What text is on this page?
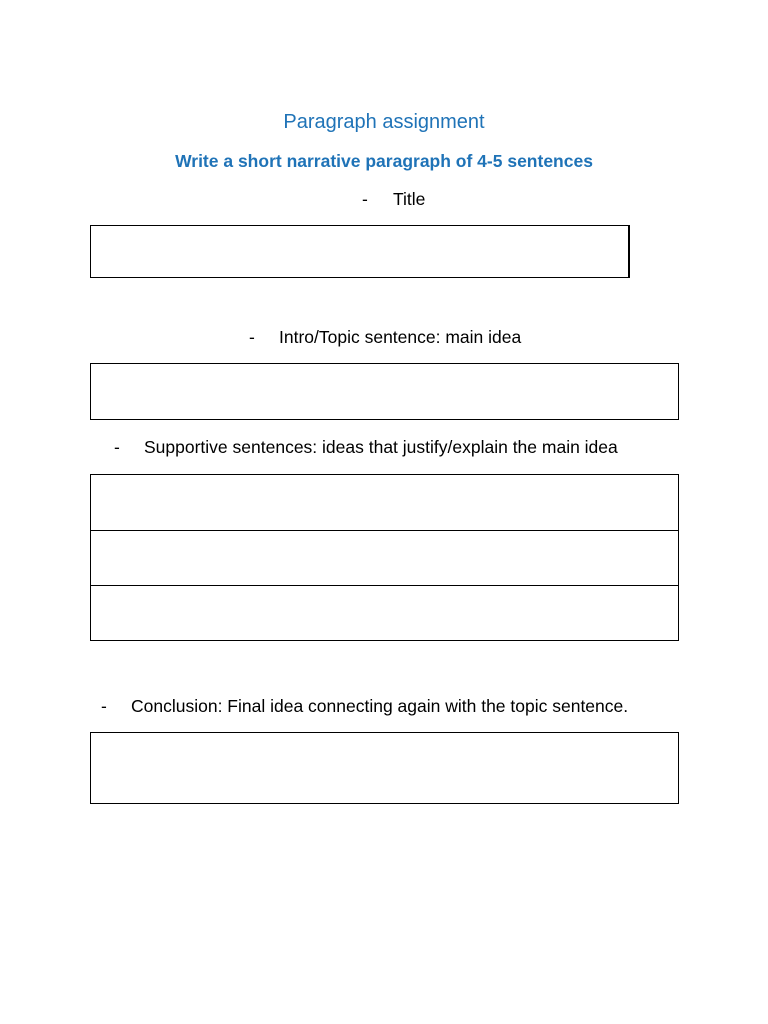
Paragraph assignment
Write a short narrative paragraph of 4-5 sentences
- Title
- Intro/Topic sentence: main idea
- Supportive sentences: ideas that justify/explain the main idea
- Conclusion: Final idea connecting again with the topic sentence.
